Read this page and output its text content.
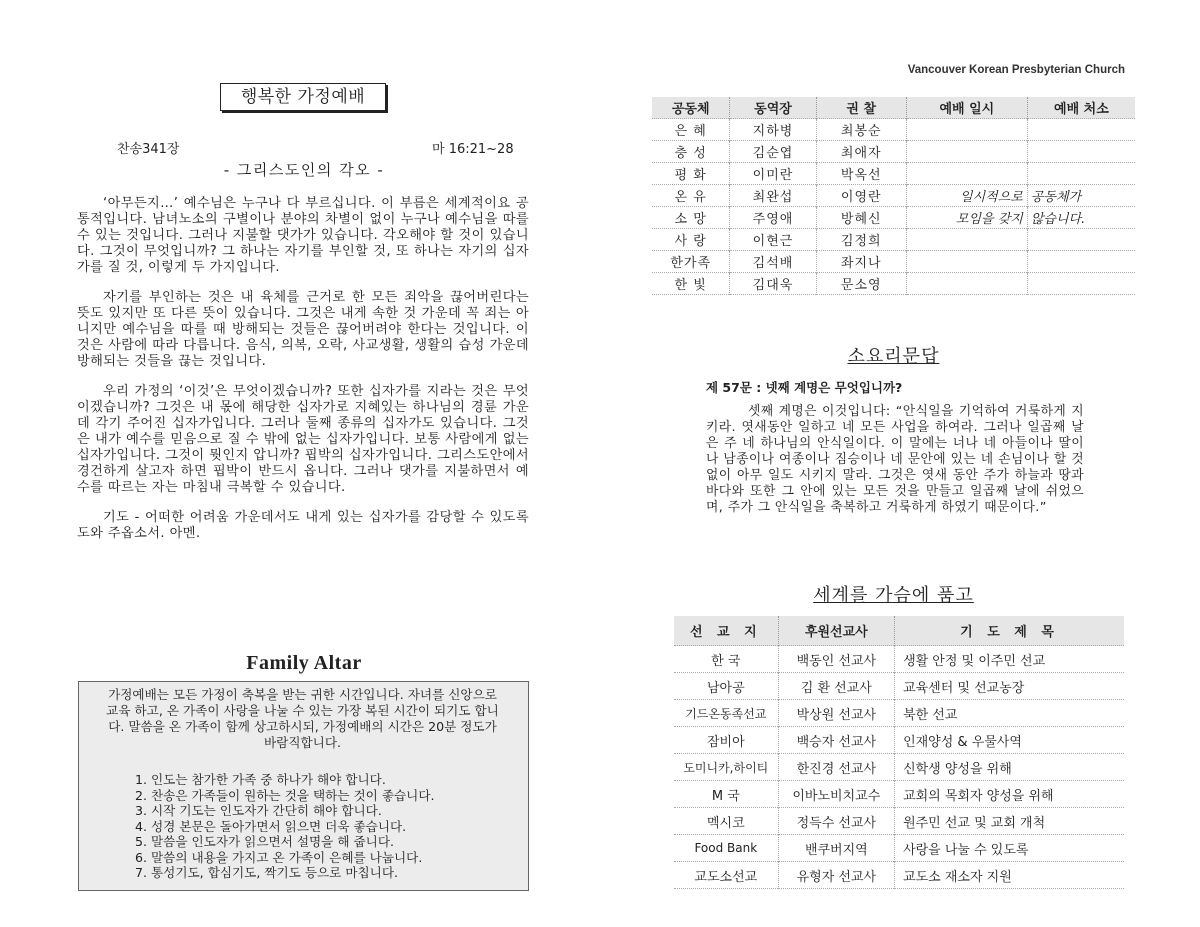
행복한 가정예배
찬송341장	마 16:21~28
- 그리스도인의 각오 -

‘아무든지…’ 예수님은 누구나 다 부르십니다. 이 부름은 세계적이요 공통적입니다. 남녀노소의 구별이나 분야의 차별이 없이 누구나 예수님을 따를 수 있는 것입니다. 그러나 지불할 댓가가 있습니다. 각오해야 할 것이 있습니다. 그것이 무엇입니까? 그 하나는 자기를 부인할 것, 또 하나는 자기의 십자가를 질 것, 이렇게 두 가지입니다.

자기를 부인하는 것은 내 육체를 근거로 한 모든 죄악을 끊어버린다는 뜻도 있지만 또 다른 뜻이 있습니다. 그것은 내게 속한 것 가운데 꼭 죄는 아니지만 예수님을 따를 때 방해되는 것들은 끊어버려야 한다는 것입니다. 이것은 사람에 따라 다릅니다. 음식, 의복, 오락, 사교생활, 생활의 습성 가운데 방해되는 것들을 끊는 것입니다.

우리 가정의 ‘이것’은 무엇이겠습니까? 또한 십자가를 지라는 것은 무엇이겠습니까? 그것은 내 몫에 해당한 십자가로 지혜있는 하나님의 경륜 가운데 각기 주어진 십자가입니다. 그러나 둘째 종류의 십자가도 있습니다. 그것은 내가 예수를 믿음으로 질 수 밖에 없는 십자가입니다. 보통 사람에게 없는 십자가입니다. 그것이 뭣인지 압니까? 핍박의 십자가입니다. 그리스도안에서 경건하게 살고자 하면 핍박이 반드시 옵니다. 그러나 댓가를 지불하면서 예수를 따르는 자는 마침내 극복할 수 있습니다.

기도 - 어떠한 어려움 가운데서도 내게 있는 십자가를 감당할 수 있도록 도와 주옵소서. 아멘.

Family Altar
가정예배는 모든 가정이 축복을 받는 귀한 시간입니다. 자녀를 신앙으로 교육 하고, 온 가족이 사랑을 나눌 수 있는 가장 복된 시간이 되기도 합니다. 말씀을 온 가족이 함께 상고하시되, 가정예배의 시간은 20분 정도가 바람직합니다.
1. 인도는 참가한 가족 중 하나가 해야 합니다.
2. 찬송은 가족들이 원하는 것을 택하는 것이 좋습니다.
3. 시작 기도는 인도자가 간단히 해야 합니다.
4. 성경 본문은 돌아가면서 읽으면 더욱 좋습니다.
5. 말씀을 인도자가 읽으면서 설명을 해 줍니다.
6. 말씀의 내용을 가지고 온 가족이 은혜를 나눕니다.
7. 통성기도, 합심기도, 짝기도 등으로 마칩니다.
Vancouver Korean Presbyterian Church
공동체	동역장	권 찰	예배 일시	예배 처소
은 혜	지하병	최봉순		
충 성	김순엽	최애자		
평 화	이미란	박옥선		
온 유	최완섭	이영란	일시적으로	공동체가
소 망	주영애	방혜신	모임을 갖지	않습니다.
사 랑	이현근	김정희		
한가족	김석배	좌지나		
한 빛	김대욱	문소영		
소요리문답
제 57문 : 넷째 계명은 무엇입니까?
셋째 계명은 이것입니다: “안식일을 기억하여 거룩하게 지키라. 엿새동안 일하고 네 모든 사업을 하여라. 그러나 일곱째 날은 주 네 하나님의 안식일이다. 이 말에는 너나 네 아들이나 딸이나 남종이나 여종이나 짐승이나 네 문안에 있는 네 손님이나 할 것없이 아무 일도 시키지 말라. 그것은 엿새 동안 주가 하늘과 땅과 바다와 또한 그 안에 있는 모든 것을 만들고 일곱째 날에 쉬었으며, 주가 그 안식일을 축복하고 거룩하게 하였기 때문이다.”
세계를 가슴에 품고
선 교 지	후원선교사	기 도 제 목
한 국	백동인 선교사	생활 안정 및 이주민 선교
남아공	김 환 선교사	교육센터 및 선교농장
기드온동족선교	박상원 선교사	북한 선교
잠비아	백승자 선교사	인재양성 & 우물사역
도미니카,하이티	한진경 선교사	신학생 양성을 위해
M 국	이바노비치교수	교회의 목회자 양성을 위해
멕시코	정득수 선교사	원주민 선교 및 교회 개척
Food Bank	밴쿠버지역	사랑을 나눌 수 있도록
교도소선교	유형자 선교사	교도소 재소자 지원
